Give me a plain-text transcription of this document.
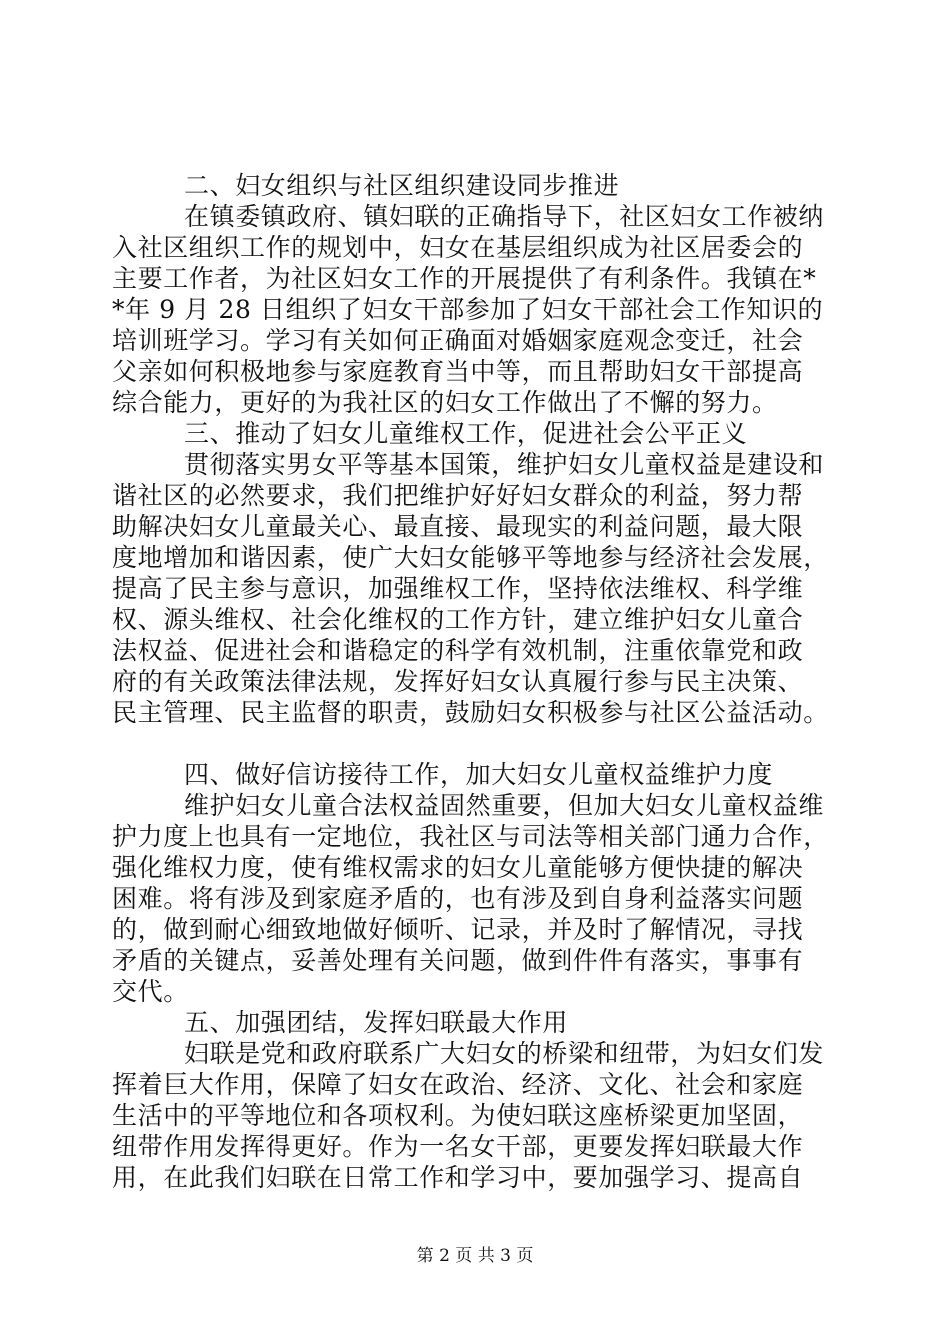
二、妇女组织与社区组织建设同步推进
在镇委镇政府、镇妇联的正确指导下，社区妇女工作被纳
入社区组织工作的规划中，妇女在基层组织成为社区居委会的
主要工作者，为社区妇女工作的开展提供了有利条件。我镇在*
*年 9 月 28 日组织了妇女干部参加了妇女干部社会工作知识的
培训班学习。学习有关如何正确面对婚姻家庭观念变迁，社会
父亲如何积极地参与家庭教育当中等，而且帮助妇女干部提高
综合能力，更好的为我社区的妇女工作做出了不懈的努力。
三、推动了妇女儿童维权工作，促进社会公平正义
贯彻落实男女平等基本国策，维护妇女儿童权益是建设和
谐社区的必然要求，我们把维护好好妇女群众的利益，努力帮
助解决妇女儿童最关心、最直接、最现实的利益问题，最大限
度地增加和谐因素，使广大妇女能够平等地参与经济社会发展，
提高了民主参与意识，加强维权工作，坚持依法维权、科学维
权、源头维权、社会化维权的工作方针，建立维护妇女儿童合
法权益、促进社会和谐稳定的科学有效机制，注重依靠党和政
府的有关政策法律法规，发挥好妇女认真履行参与民主决策、
民主管理、民主监督的职责，鼓励妇女积极参与社区公益活动。
四、做好信访接待工作，加大妇女儿童权益维护力度
维护妇女儿童合法权益固然重要，但加大妇女儿童权益维
护力度上也具有一定地位，我社区与司法等相关部门通力合作，
强化维权力度，使有维权需求的妇女儿童能够方便快捷的解决
困难。将有涉及到家庭矛盾的，也有涉及到自身利益落实问题
的，做到耐心细致地做好倾听、记录，并及时了解情况，寻找
矛盾的关键点，妥善处理有关问题，做到件件有落实，事事有
交代。
五、加强团结，发挥妇联最大作用
妇联是党和政府联系广大妇女的桥梁和纽带，为妇女们发
挥着巨大作用，保障了妇女在政治、经济、文化、社会和家庭
生活中的平等地位和各项权利。为使妇联这座桥梁更加坚固，
纽带作用发挥得更好。作为一名女干部，更要发挥妇联最大作
用，在此我们妇联在日常工作和学习中，要加强学习、提高自
第 2 页 共 3 页
